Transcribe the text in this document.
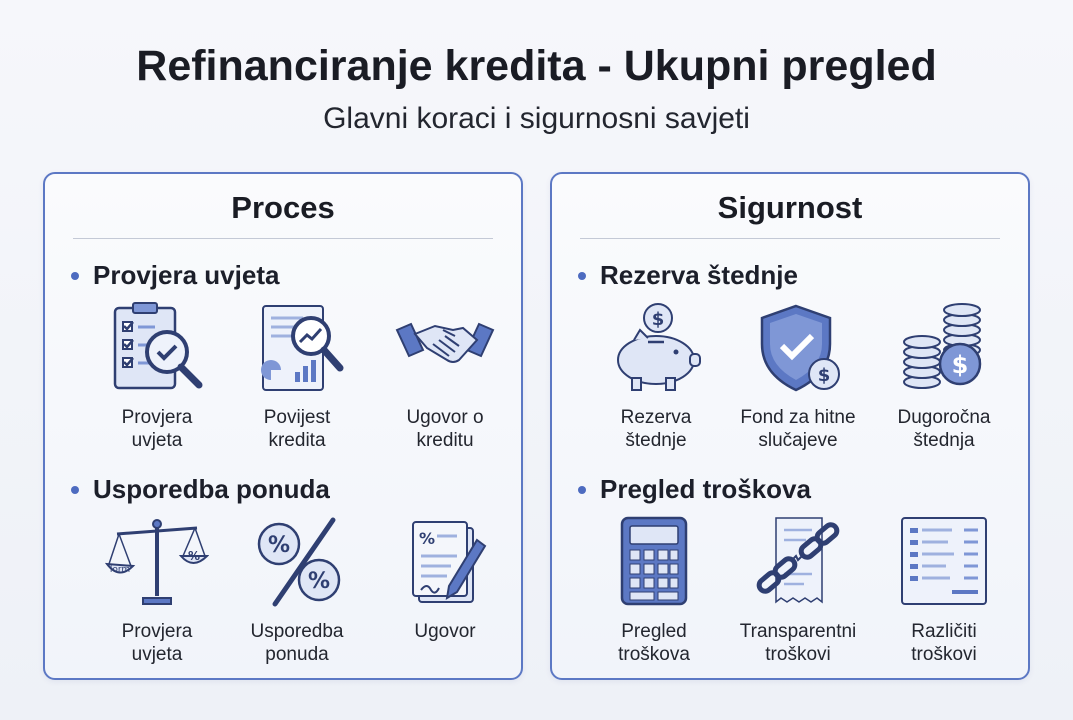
Refinanciranje kredita - Ukupni pregled
Glavni koraci i sigurnosni savjeti
Proces
Provjera uvjeta
Provjera
uvjeta
Povijest
kredita
Ugovor o
kreditu
Usporedba ponuda
lorm
%
Provjera
uvjeta
%
%
Usporedba
ponuda
%
Ugovor
Sigurnost
Rezerva štednje
$
Rezerva
štednje
$
Fond za hitne
slučajeve
$
Dugoročna
štednja
Pregled troškova
Pregled
troškova
Transparentni
troškovi
Različiti
troškovi
